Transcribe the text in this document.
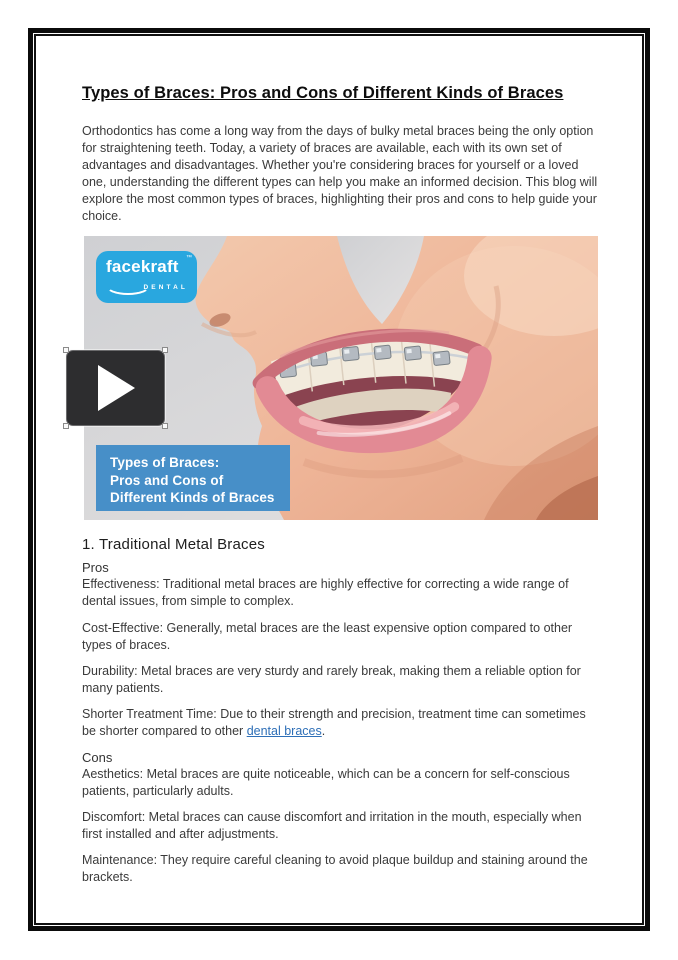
Types of Braces: Pros and Cons of Different Kinds of Braces

Orthodontics has come a long way from the days of bulky metal braces being the only option for straightening teeth. Today, a variety of braces are available, each with its own set of advantages and disadvantages. Whether you're considering braces for yourself or a loved one, understanding the different types can help you make an informed decision. This blog will explore the most common types of braces, highlighting their pros and cons to help guide your choice.

facekraft ™
DENTAL
Types of Braces:
Pros and Cons of
Different Kinds of Braces
1. Traditional Metal Braces
Pros

Effectiveness: Traditional metal braces are highly effective for correcting a wide range of dental issues, from simple to complex.

Cost-Effective: Generally, metal braces are the least expensive option compared to other types of braces.

Durability: Metal braces are very sturdy and rarely break, making them a reliable option for many patients.

Shorter Treatment Time: Due to their strength and precision, treatment time can sometimes be shorter compared to other dental braces.

Cons

Aesthetics: Metal braces are quite noticeable, which can be a concern for self-conscious patients, particularly adults.

Discomfort: Metal braces can cause discomfort and irritation in the mouth, especially when first installed and after adjustments.

Maintenance: They require careful cleaning to avoid plaque buildup and staining around the brackets.
